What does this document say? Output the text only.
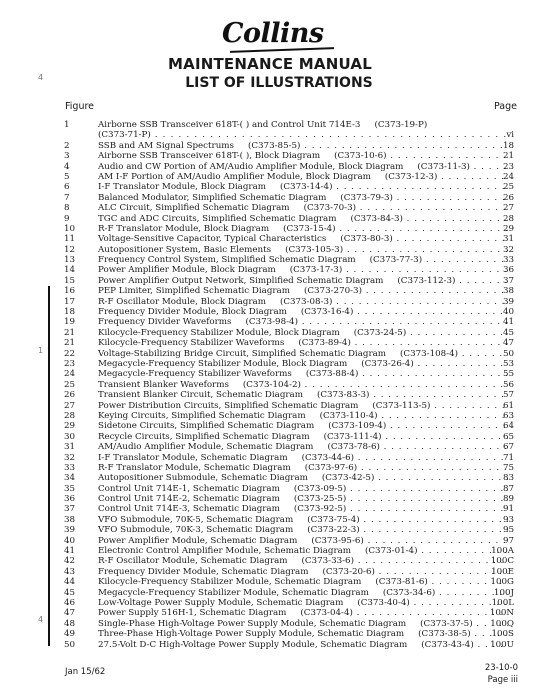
Collins
MAINTENANCE MANUAL
LIST OF ILLUSTRATIONS
Figure	Page
4
1
4
1	Airborne SSB Transceiver 618T-( ) and Control Unit 714E-3 (C373-19-P)
(C373-71-P) . . .	vi
2	SSB and AM Signal Spectrums (C373-85-5) . . .	18
3	Airborne SSB Transceiver 618T-( ), Block Diagram (C373-10-6) . . .	21
4	Audio and CW Portion of AM/Audio Amplifier Module, Block Diagram (C373-11-3) . . .	23
5	AM I-F Portion of AM/Audio Amplifier Module, Block Diagram (C373-12-3) . . .	24
6	I-F Translator Module, Block Diagram (C373-14-4) . . .	25
7	Balanced Modulator, Simplified Schematic Diagram (C373-79-3) . . .	26
8	ALC Circuit, Simplified Schematic Diagram (C373-70-3) . . .	27
9	TGC and ADC Circuits, Simplified Schematic Diagram (C373-84-3) . . .	28
10	R-F Translator Module, Block Diagram (C373-15-4) . . .	29
11	Voltage-Sensitive Capacitor, Typical Characteristics (C373-80-3) . . .	31
12	Autopositioner System, Basic Elements (C373-105-3) . . .	32
13	Frequency Control System, Simplified Schematic Diagram (C373-77-3) . . .	33
14	Power Amplifier Module, Block Diagram (C373-17-3) . . .	36
15	Power Amplifier Output Network, Simplified Schematic Diagram (C373-112-3) . . .	37
16	PEP Limiter, Simplified Schematic Diagram (C373-270-3) . . .	38
17	R-F Oscillator Module, Block Diagram (C373-08-3) . . .	39
18	Frequency Divider Module, Block Diagram (C373-16-4) . . .	40
19	Frequency Divider Waveforms (C373-98-4) . . .	41
21	Kilocycle-Frequency Stabilizer Module, Block Diagram (C373-24-5) . . .	45
21	Kilocycle-Frequency Stabilizer Waveforms (C373-89-4) . . .	47
22	Voltage-Stabilizing Bridge Circuit, Simplified Schematic Diagram (C373-108-4) . . .	50
23	Megacycle-Frequency Stabilizer Module, Block Diagram (C373-26-4) . . .	53
24	Megacycle-Frequency Stabilizer Waveforms (C373-88-4) . . .	55
25	Transient Blanker Waveforms (C373-104-2) . . .	56
26	Transient Blanker Circuit, Schematic Diagram (C373-83-3) . . .	57
27	Power Distribution Circuits, Simplified Schematic Diagram (C373-113-5) . . .	61
28	Keying Circuits, Simplified Schematic Diagram (C373-110-4) . . .	63
29	Sidetone Circuits, Simplified Schematic Diagram (C373-109-4) . . .	64
30	Recycle Circuits, Simplified Schematic Diagram (C373-111-4) . . .	65
31	AM/Audio Amplifier Module, Schematic Diagram (C373-78-6) . . .	67
32	I-F Translator Module, Schematic Diagram (C373-44-6) . . .	71
33	R-F Translator Module, Schematic Diagram (C373-97-6) . . .	75
34	Autopositioner Submodule, Schematic Diagram (C373-42-5) . . .	83
35	Control Unit 714E-1, Schematic Diagram (C373-09-5) . . .	87
36	Control Unit 714E-2, Schematic Diagram (C373-25-5) . . .	89
37	Control Unit 714E-3, Schematic Diagram (C373-92-5) . . .	91
38	VFO Submodule, 70K-5, Schematic Diagram (C373-75-4) . . .	93
39	VFO Submodule, 70K-3, Schematic Diagram (C373-22-3) . . .	95
40	Power Amplifier Module, Schematic Diagram (C373-95-6) . . .	97
41	Electronic Control Amplifier Module, Schematic Diagram (C373-01-4) . . .	100A
42	R-F Oscillator Module, Schematic Diagram (C373-33-6) . . .	100C
43	Frequency Divider Module, Schematic Diagram (C373-20-6) . . .	100E
44	Kilocycle-Frequency Stabilizer Module, Schematic Diagram (C373-81-6) . . .	100G
45	Megacycle-Frequency Stabilizer Module, Schematic Diagram (C373-34-6) . . .	100J
46	Low-Voltage Power Supply Module, Schematic Diagram (C373-40-4) . . .	100L
47	Power Supply 516H-1, Schematic Diagram (C373-04-4) . . .	100N
48	Single-Phase High-Voltage Power Supply Module, Schematic Diagram (C373-37-5) . . .	100Q
49	Three-Phase High-Voltage Power Supply Module, Schematic Diagram (C373-38-5) . . .	100S
50	27.5-Volt D-C High-Voltage Power Supply Module, Schematic Diagram (C373-43-4) . . .	100U
Jan 15/62	23-10-0
Page iii
